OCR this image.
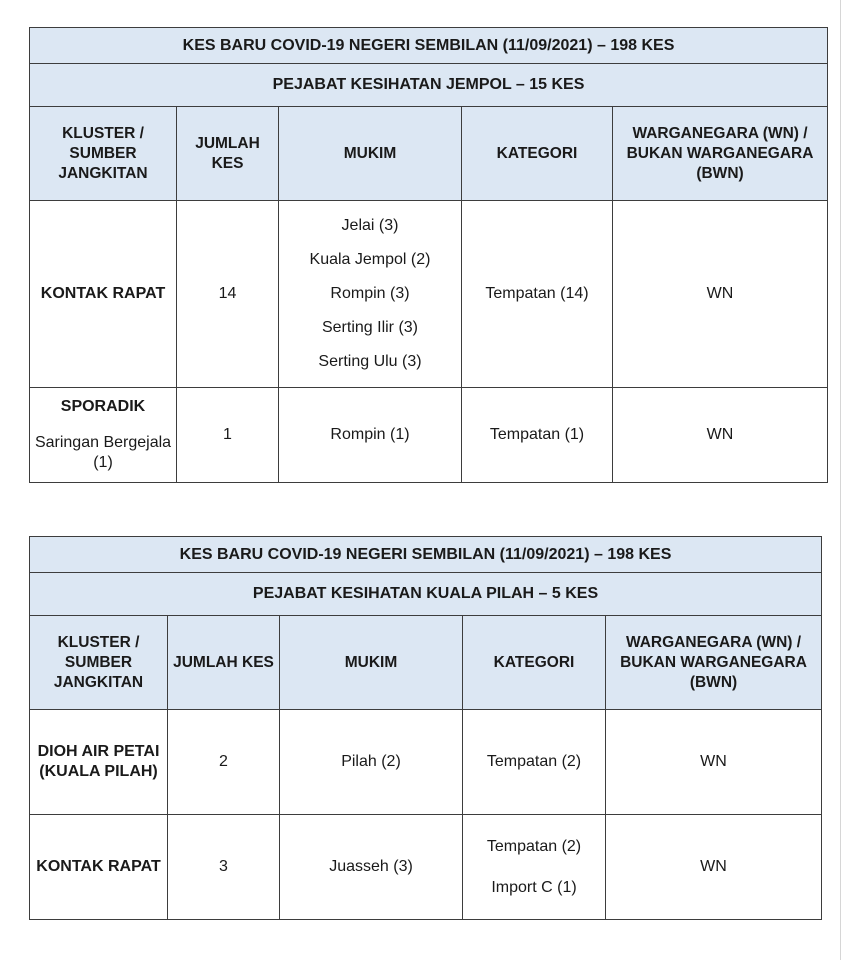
KES BARU COVID-19 NEGERI SEMBILAN (11/09/2021) – 198 KES				
PEJABAT KESIHATAN JEMPOL – 15 KES				
KLUSTER / SUMBER JANGKITAN	JUMLAH KES	MUKIM	KATEGORI	WARGANEGARA (WN) / BUKAN WARGANEGARA (BWN)
KONTAK RAPAT	14	Jelai (3)
Kuala Jempol (2)
Rompin (3)
Serting Ilir (3)
Serting Ulu (3)	Tempatan (14)	WN

SPORADIK
Saringan Bergejala (1)	1	Rompin (1)	Tempatan (1)	WN
KES BARU COVID-19 NEGERI SEMBILAN (11/09/2021) – 198 KES				
PEJABAT KESIHATAN KUALA PILAH – 5 KES				
KLUSTER / SUMBER JANGKITAN	JUMLAH KES	MUKIM	KATEGORI	WARGANEGARA (WN) / BUKAN WARGANEGARA (BWN)
DIOH AIR PETAI (KUALA PILAH)	2	Pilah (2)	Tempatan (2)	WN
KONTAK RAPAT	3	Juasseh (3)	Tempatan (2)
Import C (1)	WN
